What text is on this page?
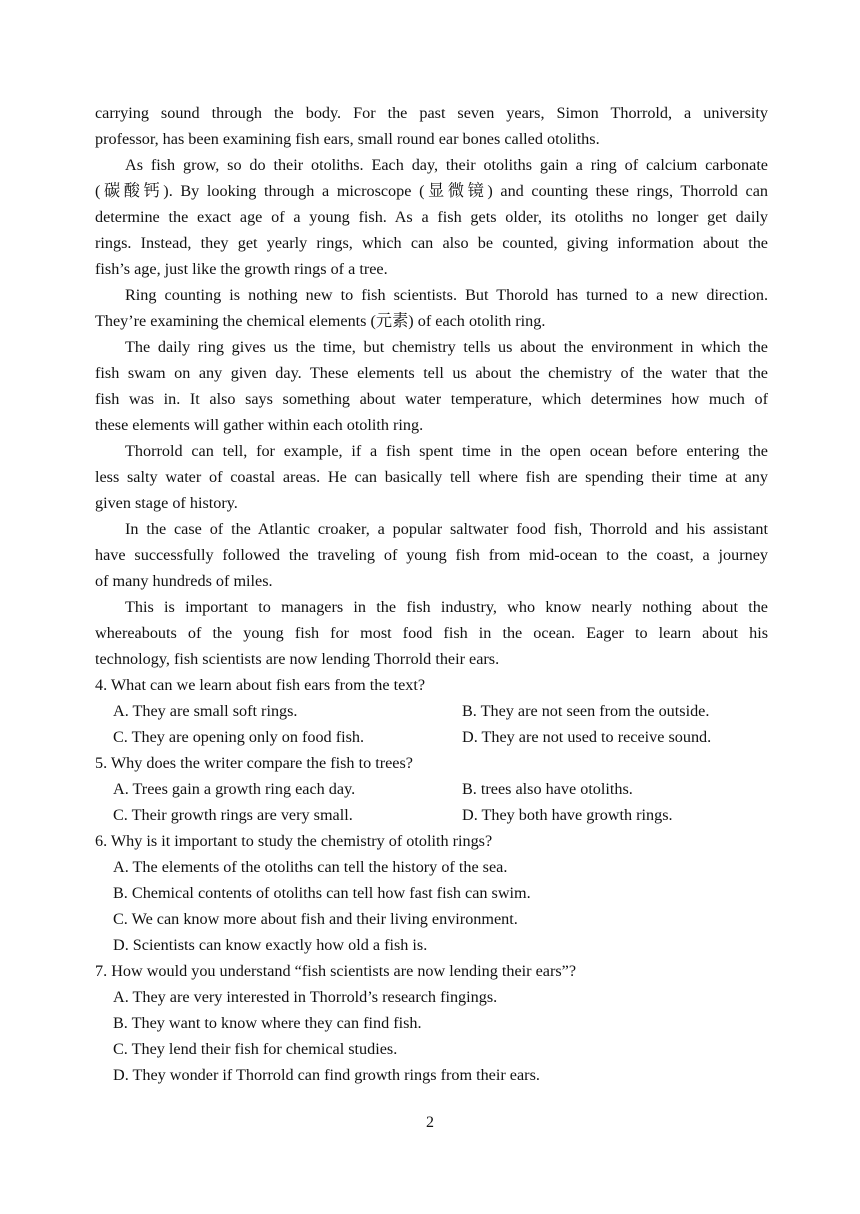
carrying sound through the body. For the past seven years, Simon Thorrold, a university
professor, has been examining fish ears, small round ear bones called otoliths.
As fish grow, so do their otoliths. Each day, their otoliths gain a ring of calcium carbonate
(碳酸钙). By looking through a microscope (显微镜) and counting these rings, Thorrold can
determine the exact age of a young fish. As a fish gets older, its otoliths no longer get daily
rings. Instead, they get yearly rings, which can also be counted, giving information about the
fish’s age, just like the growth rings of a tree.
Ring counting is nothing new to fish scientists. But Thorold has turned to a new direction.
They’re examining the chemical elements (元素) of each otolith ring.
The daily ring gives us the time, but chemistry tells us about the environment in which the
fish swam on any given day. These elements tell us about the chemistry of the water that the
fish was in. It also says something about water temperature, which determines how much of
these elements will gather within each otolith ring.
Thorrold can tell, for example, if a fish spent time in the open ocean before entering the
less salty water of coastal areas. He can basically tell where fish are spending their time at any
given stage of history.
In the case of the Atlantic croaker, a popular saltwater food fish, Thorrold and his assistant
have successfully followed the traveling of young fish from mid-ocean to the coast, a journey
of many hundreds of miles.
This is important to managers in the fish industry, who know nearly nothing about the
whereabouts of the young fish for most food fish in the ocean. Eager to learn about his
technology, fish scientists are now lending Thorrold their ears.
4. What can we learn about fish ears from the text?
A. They are small soft rings.	B. They are not seen from the outside.
C. They are opening only on food fish.	D. They are not used to receive sound.
5. Why does the writer compare the fish to trees?
A. Trees gain a growth ring each day.	B. trees also have otoliths.
C. Their growth rings are very small.	D. They both have growth rings.
6. Why is it important to study the chemistry of otolith rings?
A. The elements of the otoliths can tell the history of the sea.
B. Chemical contents of otoliths can tell how fast fish can swim.
C. We can know more about fish and their living environment.
D. Scientists can know exactly how old a fish is.
7. How would you understand “fish scientists are now lending their ears”?
A. They are very interested in Thorrold’s research fingings.
B. They want to know where they can find fish.
C. They lend their fish for chemical studies.
D. They wonder if Thorrold can find growth rings from their ears.
2
